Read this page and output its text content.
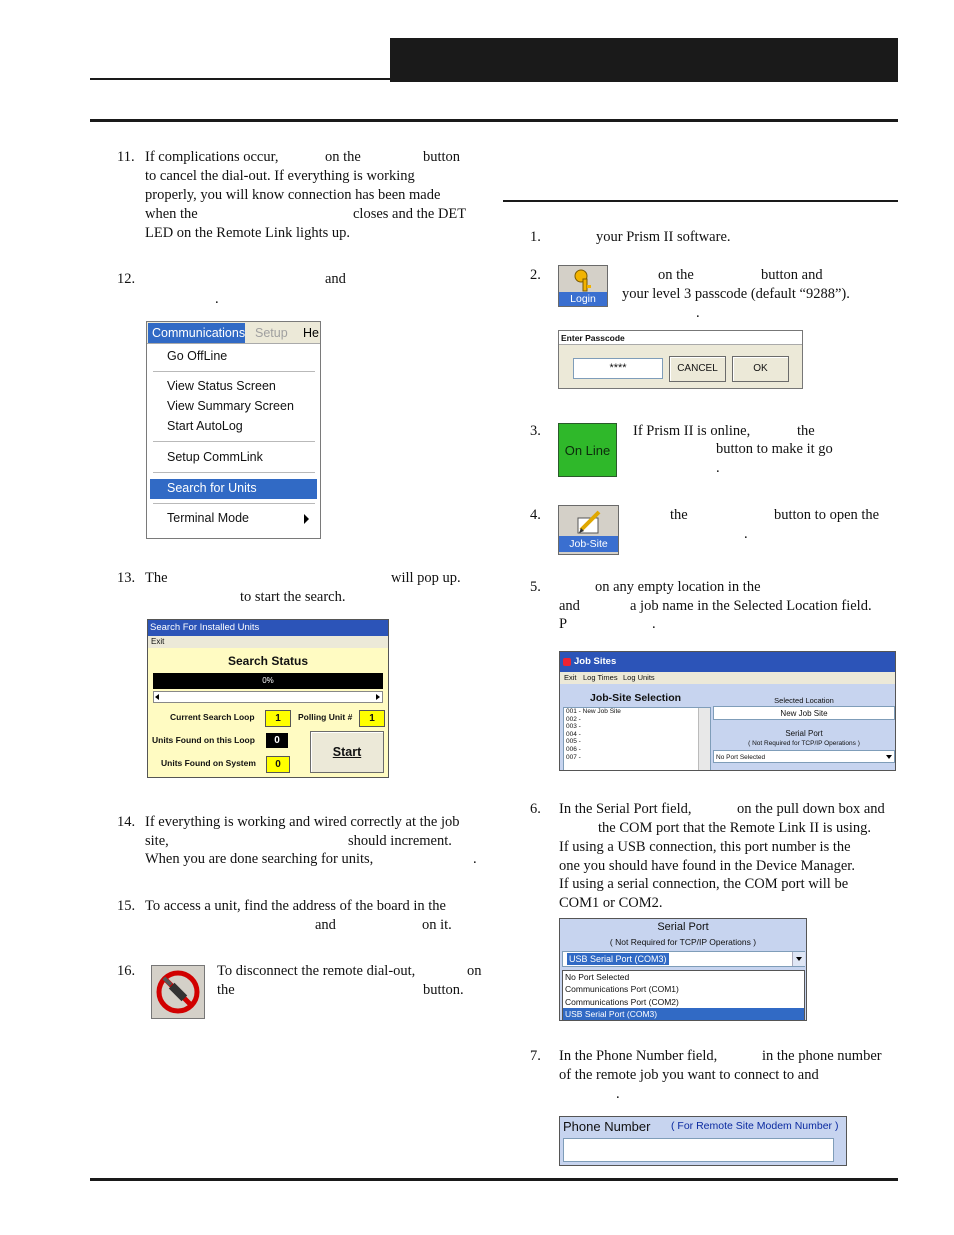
11. If complications occur,	on the	button
to cancel the dial-out. If everything is working
properly, you will know connection has been made
when the	closes and the DET
LED on the Remote Link lights up.
12.	and
.
Communications Setup He
Go OffLine
View Status Screen
View Summary Screen
Start AutoLog
Setup CommLink
Search for Units
Terminal Mode
13. The	will pop up.
to start the search.
Search For Installed Units
Exit
Search Status
0%
Current Search Loop	1	Polling Unit #	1
Units Found on this Loop	0
Units Found on System	0
Start
14. If everything is working and wired correctly at the job
site,	should increment.
When you are done searching for units,	.
15. To access a unit, find the address of the board in the
and	on it.
16.	To disconnect the remote dial-out,	on
the	button.
1.	your Prism II software.
2.
Login
on the	button and
your level 3 passcode (default “9288”).
.
Enter Passcode
****	CANCEL	OK
3.
On Line
If Prism II is online,	the
button to make it go
.
4.
Job-Site
the	button to open the
.
5.	on any empty location in the
and	a job name in the Selected Location field.
P	.
Job Sites
Exit Log Times Log Units
Job-Site Selection
001 - New Job Site
002 -
003 -
004 -
005 -
006 -
007 -
Selected Location
New Job Site
Serial Port
( Not Required for TCP/IP Operations )
No Port Selected
6.	In the Serial Port field,	on the pull down box and
the COM port that the Remote Link II is using.
If using a USB connection, this port number is the
one you should have found in the Device Manager.
If using a serial connection, the COM port will be
COM1 or COM2.
Serial Port
( Not Required for TCP/IP Operations )
USB Serial Port (COM3)
No Port Selected
Communications Port (COM1)
Communications Port (COM2)
USB Serial Port (COM3)
7.	In the Phone Number field,	in the phone number
of the remote job you want to connect to and
.
Phone Number ( For Remote Site Modem Number )
